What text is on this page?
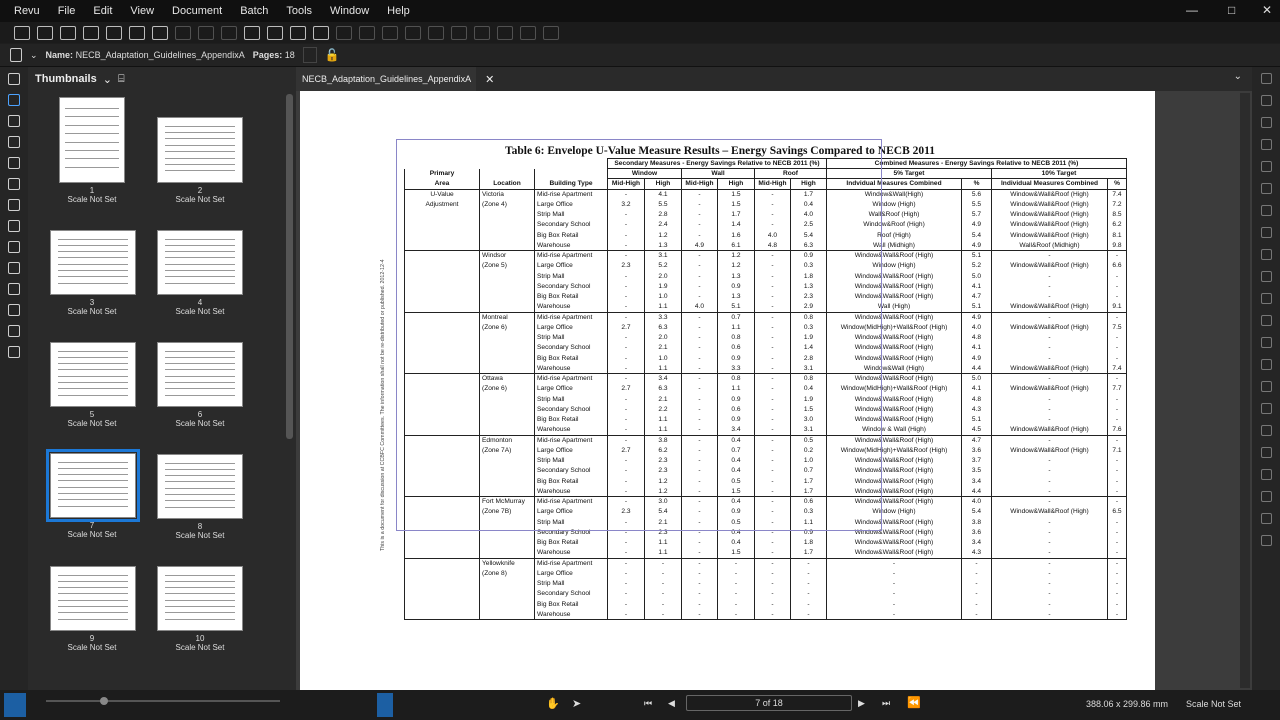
Revu	File	Edit	View	Document	Batch	Tools	Window	Help	—	□ ✕
⌄ Name: NECB_Adaptation_Guidelines_AppendixA Pages: 18	🔓
Thumbnails ⌄ ⌸
1
Scale Not Set
2
Scale Not Set
3
Scale Not Set
4
Scale Not Set
5
Scale Not Set
6
Scale Not Set
7
Scale Not Set
8
Scale Not Set
9
Scale Not Set
10
Scale Not Set
NECB_Adaptation_Guidelines_AppendixA ✕	⌄
This is a document for discussion at CCBFC Committees. The information shall not be re-distributed or published. 2012-12-4
Table 6: Envelope U-Value Measure Results – Energy Savings Compared to NECB 2011
			Secondary Measures - Energy Savings Relative to NECB 2011 (%)						Combined Measures - Energy Savings Relative to NECB 2011 (%)			
Primary			Window		Wall		Roof		5% Target		10% Target	
Area	Location	Building Type	Mid-High	High	Mid-High	High	Mid-High	High	Indvidual Measures Combined	%	Individual Measures Combined	%
U-Value	Victoria	Mid-rise Apartment	-	4.1	-	1.5	-	1.7	Window&Wall(High)	5.6	Window&Wall&Roof (High)	7.4
Adjustment	(Zone 4)	Large Office	3.2	5.5	-	1.5	-	0.4	Window (High)	5.5	Window&Wall&Roof (High)	7.2
		Strip Mall	-	2.8	-	1.7	-	4.0	Wall&Roof (High)	5.7	Window&Wall&Roof (High)	8.5
		Secondary School	-	2.4	-	1.4	-	2.5	Window&Roof (High)	4.9	Window&Wall&Roof (High)	6.2
		Big Box Retail	-	1.2	-	1.6	4.0	5.4	Roof (High)	5.4	Window&Wall&Roof (High)	8.1
		Warehouse	-	1.3	4.9	6.1	4.8	6.3	Wall (Midhigh)	4.9	Wall&Roof (Midhigh)	9.8
	Windsor	Mid-rise Apartment	-	3.1	-	1.2	-	0.9	Window&Wall&Roof (High)	5.1	-	-
	(Zone 5)	Large Office	2.3	5.2	-	1.2	-	0.3	Window (High)	5.2	Window&Wall&Roof (High)	6.6
		Strip Mall	-	2.0	-	1.3	-	1.8	Window&Wall&Roof (High)	5.0	-	-
		Secondary School	-	1.9	-	0.9	-	1.3	Window&Wall&Roof (High)	4.1	-	-
		Big Box Retail	-	1.0	-	1.3	-	2.3	Window&Wall&Roof (High)	4.7	-	-
		Warehouse	-	1.1	4.0	5.1	-	2.9	Wall (High)	5.1	Window&Wall&Roof (High)	9.1
	Montreal	Mid-rise Apartment	-	3.3	-	0.7	-	0.8	Window&Wall&Roof (High)	4.9	-	-
	(Zone 6)	Large Office	2.7	6.3	-	1.1	-	0.3	Window(MidHigh)+Wall&Roof (High)	4.0	Window&Wall&Roof (High)	7.5
		Strip Mall	-	2.0	-	0.8	-	1.9	Window&Wall&Roof (High)	4.8	-	-
		Secondary School	-	2.1	-	0.6	-	1.4	Window&Wall&Roof (High)	4.1	-	-
		Big Box Retail	-	1.0	-	0.9	-	2.8	Window&Wall&Roof (High)	4.9	-	-
		Warehouse	-	1.1	-	3.3	-	3.1	Window&Wall (High)	4.4	Window&Wall&Roof (High)	7.4
	Ottawa	Mid-rise Apartment	-	3.4	-	0.8	-	0.8	Window&Wall&Roof (High)	5.0	-	-
	(Zone 6)	Large Office	2.7	6.3	-	1.1	-	0.4	Window(MidHigh)+Wall&Roof (High)	4.1	Window&Wall&Roof (High)	7.7
		Strip Mall	-	2.1	-	0.9	-	1.9	Window&Wall&Roof (High)	4.8	-	-
		Secondary School	-	2.2	-	0.6	-	1.5	Window&Wall&Roof (High)	4.3	-	-
		Big Box Retail	-	1.1	-	0.9	-	3.0	Window&Wall&Roof (High)	5.1	-	-
		Warehouse	-	1.1	-	3.4	-	3.1	Window & Wall (High)	4.5	Window&Wall&Roof (High)	7.6
	Edmonton	Mid-rise Apartment	-	3.8	-	0.4	-	0.5	Window&Wall&Roof (High)	4.7	-	-
	(Zone 7A)	Large Office	2.7	6.2	-	0.7	-	0.2	Window(MidHigh)+Wall&Roof (High)	3.6	Window&Wall&Roof (High)	7.1
		Strip Mall	-	2.3	-	0.4	-	1.0	Window&Wall&Roof (High)	3.7	-	-
		Secondary School	-	2.3	-	0.4	-	0.7	Window&Wall&Roof (High)	3.5	-	-
		Big Box Retail	-	1.2	-	0.5	-	1.7	Window&Wall&Roof (High)	3.4	-	-
		Warehouse	-	1.2	-	1.5	-	1.7	Window&Wall&Roof (High)	4.4	-	-
	Fort McMurray	Mid-rise Apartment	-	3.0	-	0.4	-	0.6	Window&Wall&Roof (High)	4.0	-	-
	(Zone 7B)	Large Office	2.3	5.4	-	0.9	-	0.3	Window (High)	5.4	Window&Wall&Roof (High)	6.5
		Strip Mall	-	2.1	-	0.5	-	1.1	Window&Wall&Roof (High)	3.8	-	-
		Secondary School	-	2.3	-	0.4	-	0.9	Window&Wall&Roof (High)	3.6	-	-
		Big Box Retail	-	1.1	-	0.4	-	1.8	Window&Wall&Roof (High)	3.4	-	-
		Warehouse	-	1.1	-	1.5	-	1.7	Window&Wall&Roof (High)	4.3	-	-
	Yellowknife	Mid-rise Apartment	-	-	-	-	-	-	-	-	-	-
	(Zone 8)	Large Office	-	-	-	-	-	-	-	-	-	-
		Strip Mall	-	-	-	-	-	-	-	-	-	-
		Secondary School	-	-	-	-	-	-	-	-	-	-
		Big Box Retail	-	-	-	-	-	-	-	-	-	-
		Warehouse	-	-	-	-	-	-	-	-	-	-
✋ ➤	⏮ ◀	▶ ⏭ ⏪	388.06 x 299.86 mm Scale Not Set
7 of 18
